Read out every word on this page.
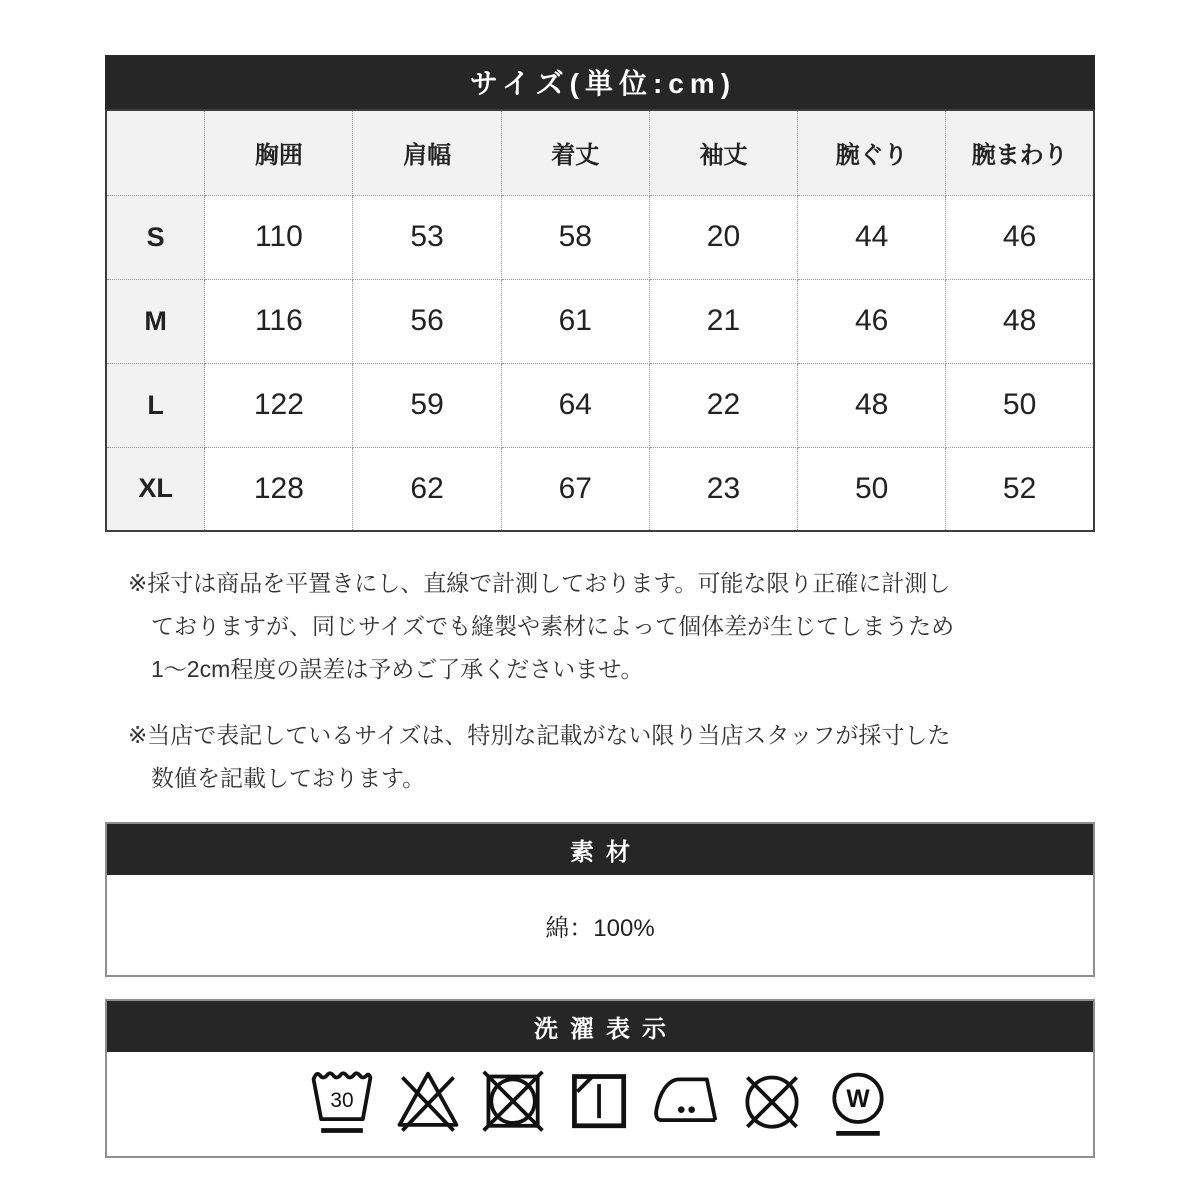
サイズ(単位:cm)
	胸囲	肩幅	着丈	袖丈	腕ぐり	腕まわり
S	110	53	58	20	44	46
M	116	56	61	21	46	48
L	122	59	64	22	48	50
XL	128	62	67	23	50	52
※採寸は商品を平置きにし、直線で計測しております。可能な限り正確に計測し
ておりますが、同じサイズでも縫製や素材によって個体差が生じてしまうため
1〜2cm程度の誤差は予めご了承くださいませ。
※当店で表記しているサイズは、特別な記載がない限り当店スタッフが採寸した
数値を記載しております。
素材
綿：100%
洗濯表示
30	W
